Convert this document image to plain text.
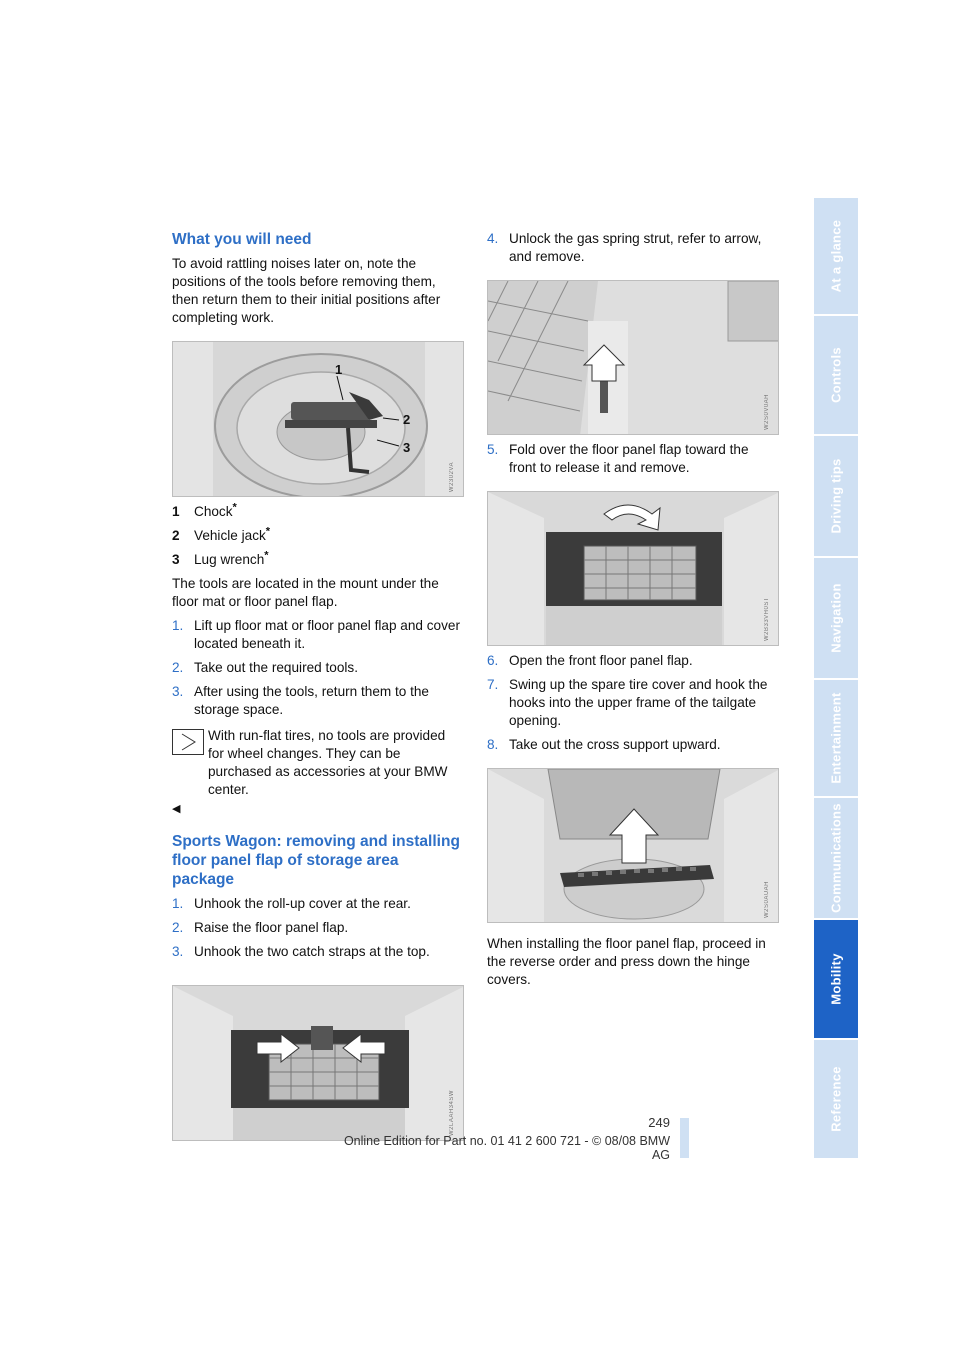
What you will need

To avoid rattling noises later on, note the positions of the tools before removing them, then return them to their initial positions after completing work.

1
2
3
W2302VA
1 Chock*
2 Vehicle jack*
3 Lug wrench*

The tools are located in the mount under the floor mat or floor panel flap.

1. Lift up floor mat or floor panel flap and cover located beneath it.
2. Take out the required tools.
3. After using the tools, return them to the storage space.

With run-flat tires, no tools are provided
for wheel changes. They can be purchased as accessories at your BMW center.
◀

Sports Wagon: removing and installing floor panel flap of storage area package
1. Unhook the roll-up cover at the rear.
2. Raise the floor panel flap.
3. Unhook the two catch straps at the top.
W2LAAH34SW
4. Unlock the gas spring strut, refer to arrow, and remove.
W2S0V0AH
5. Fold over the floor panel flap toward the front to release it and remove.
W2B33VH0ST
6. Open the front floor panel flap.
7. Swing up the spare tire cover and hook the hooks into the upper frame of the tailgate opening.
8. Take out the cross support upward.
W2S0AUAH

When installing the floor panel flap, proceed in the reverse order and press down the hinge covers.

At a glance
Controls
Driving tips
Navigation
Entertainment
Communications
Mobility
Reference
249
Online Edition for Part no. 01 41 2 600 721 - © 08/08 BMW AG
